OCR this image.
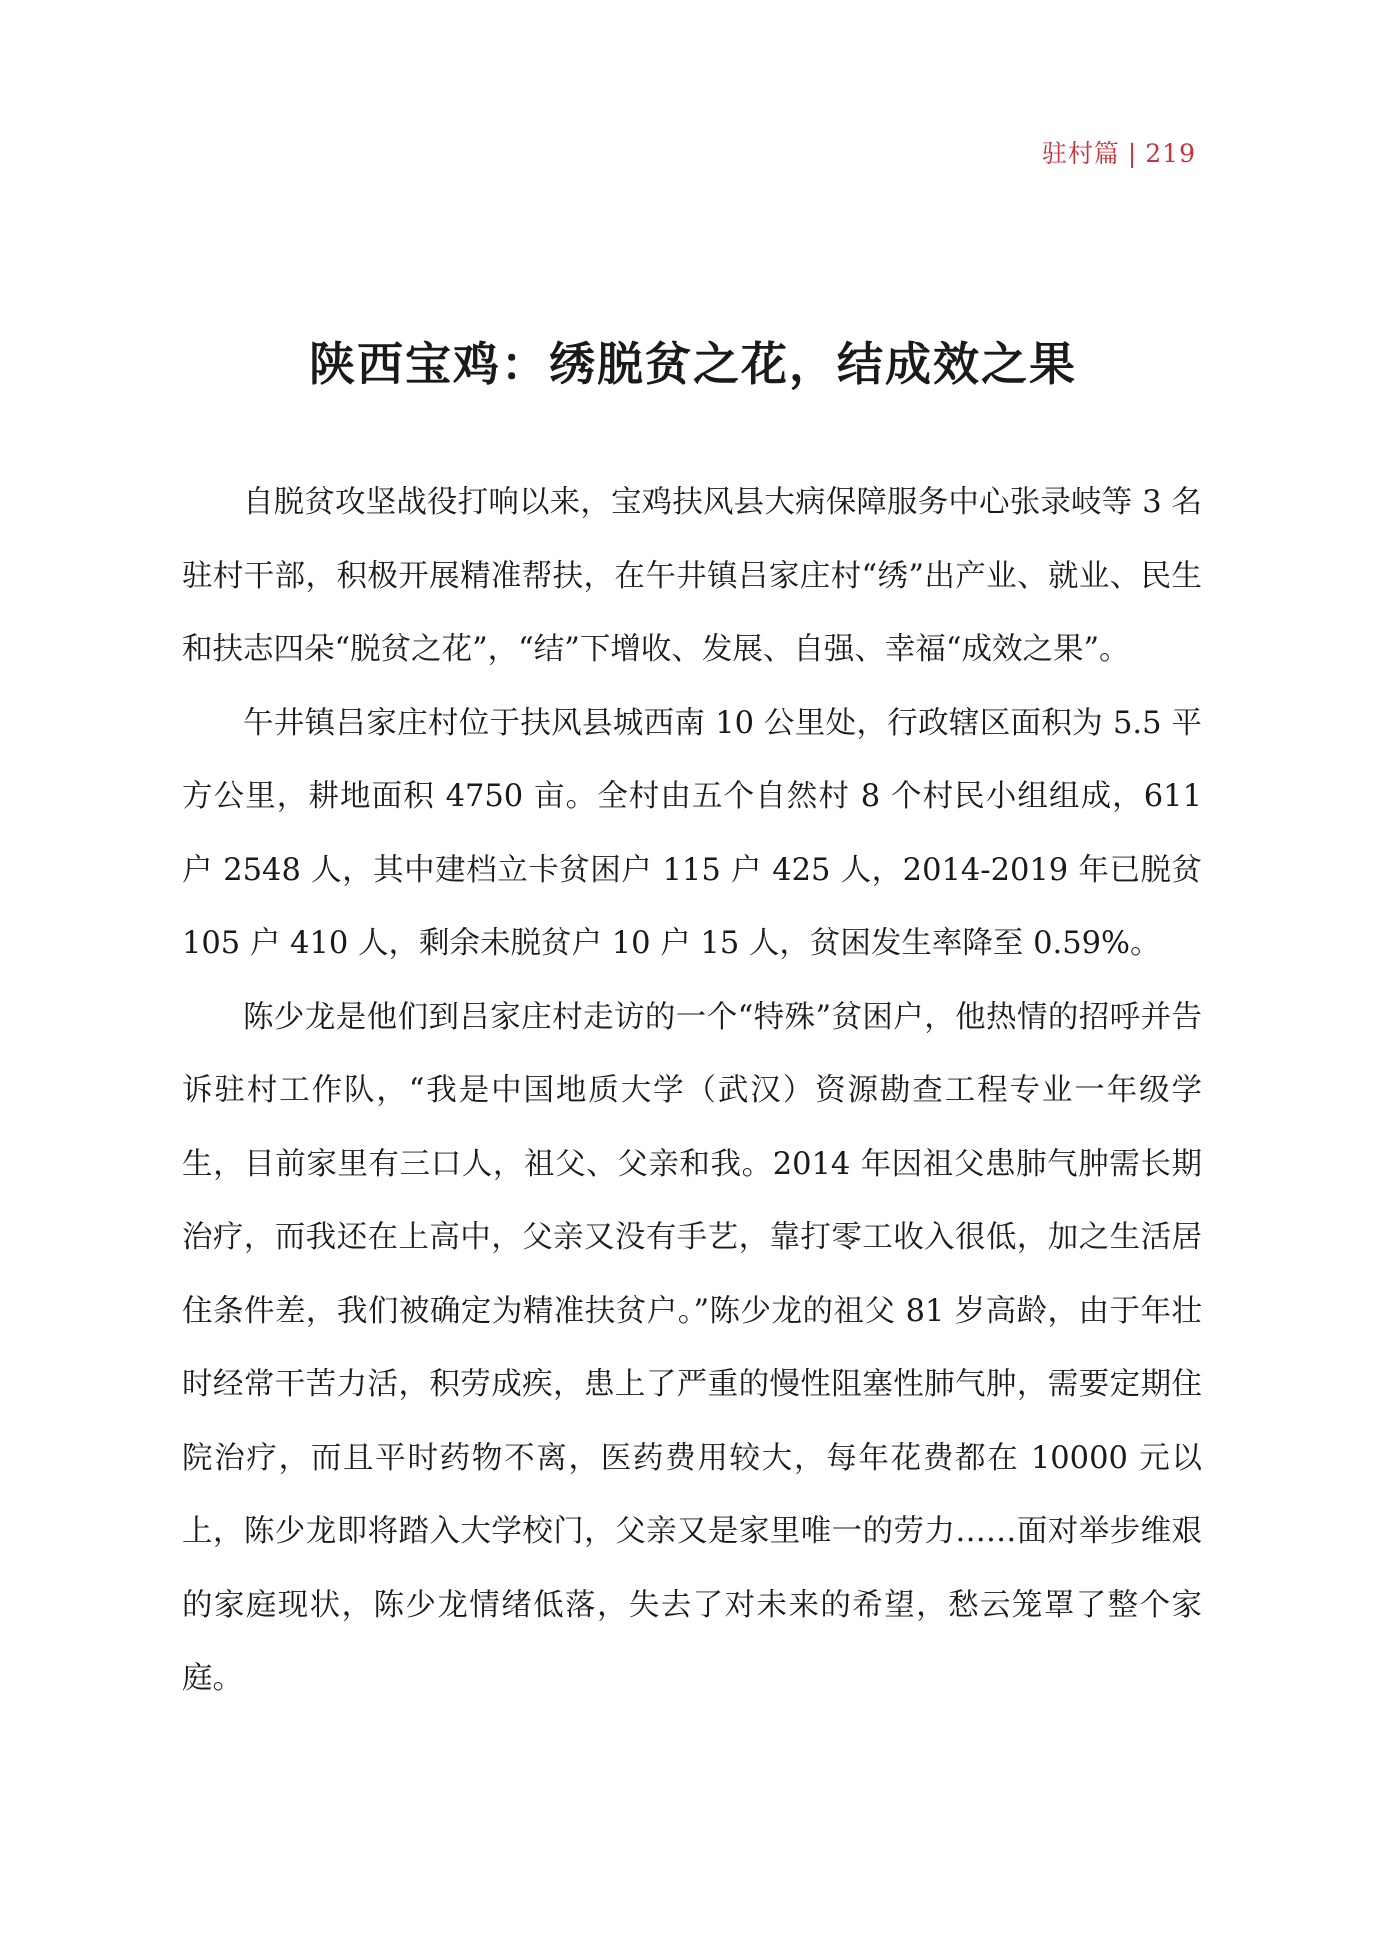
驻村篇 | 219
陕西宝鸡：绣脱贫之花，结成效之果

自脱贫攻坚战役打响以来，宝鸡扶风县大病保障服务中心张录岐等 3 名驻村干部，积极开展精准帮扶，在午井镇吕家庄村“绣”出产业、就业、民生和扶志四朵“脱贫之花”，“结”下增收、发展、自强、幸福“成效之果”。

午井镇吕家庄村位于扶风县城西南 10 公里处，行政辖区面积为 5.5 平方公里，耕地面积 4750 亩。全村由五个自然村 8 个村民小组组成，611 户 2548 人，其中建档立卡贫困户 115 户 425 人，2014-2019 年已脱贫 105 户 410 人，剩余未脱贫户 10 户 15 人，贫困发生率降至 0.59%。

陈少龙是他们到吕家庄村走访的一个“特殊”贫困户，他热情的招呼并告诉驻村工作队，“我是中国地质大学（武汉）资源勘查工程专业一年级学生，目前家里有三口人，祖父、父亲和我。2014 年因祖父患肺气肿需长期治疗，而我还在上高中，父亲又没有手艺，靠打零工收入很低，加之生活居住条件差，我们被确定为精准扶贫户。”陈少龙的祖父 81 岁高龄，由于年壮时经常干苦力活，积劳成疾，患上了严重的慢性阻塞性肺气肿，需要定期住院治疗，而且平时药物不离，医药费用较大，每年花费都在 10000 元以上，陈少龙即将踏入大学校门，父亲又是家里唯一的劳力……面对举步维艰的家庭现状，陈少龙情绪低落，失去了对未来的希望，愁云笼罩了整个家庭。
